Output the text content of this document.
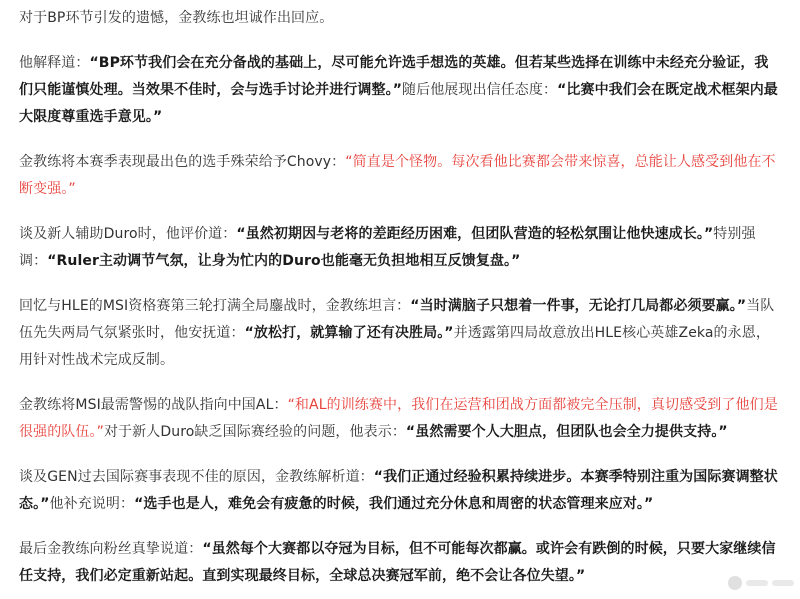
对于BP环节引发的遗憾，金教练也坦诚作出回应。

他解释道：“BP环节我们会在充分备战的基础上，尽可能允许选手想选的英雄。但若某些选择在训练中未经充分验证，我们只能谨慎处理。当效果不佳时，会与选手讨论并进行调整。”随后他展现出信任态度：“比赛中我们会在既定战术框架内最大限度尊重选手意见。”

金教练将本赛季表现最出色的选手殊荣给予Chovy：“简直是个怪物。每次看他比赛都会带来惊喜，总能让人感受到他在不断变强。”

谈及新人辅助Duro时，他评价道：“虽然初期因与老将的差距经历困难，但团队营造的轻松氛围让他快速成长。”特别强调：“Ruler主动调节气氛，让身为忙内的Duro也能毫无负担地相互反馈复盘。”

回忆与HLE的MSI资格赛第三轮打满全局鏖战时，金教练坦言：“当时满脑子只想着一件事，无论打几局都必须要赢。”当队伍先失两局气氛紧张时，他安抚道：“放松打，就算输了还有决胜局。”并透露第四局故意放出HLE核心英雄Zeka的永恩，用针对性战术完成反制。

金教练将MSI最需警惕的战队指向中国AL：“和AL的训练赛中，我们在运营和团战方面都被完全压制，真切感受到了他们是很强的队伍。”对于新人Duro缺乏国际赛经验的问题，他表示：“虽然需要个人大胆点，但团队也会全力提供支持。”

谈及GEN过去国际赛事表现不佳的原因，金教练解析道：“我们正通过经验积累持续进步。本赛季特别注重为国际赛调整状态。”他补充说明：“选手也是人，难免会有疲惫的时候，我们通过充分休息和周密的状态管理来应对。”

最后金教练向粉丝真挚说道：“虽然每个大赛都以夺冠为目标，但不可能每次都赢。或许会有跌倒的时候，只要大家继续信任支持，我们必定重新站起。直到实现最终目标，全球总决赛冠军前，绝不会让各位失望。”
